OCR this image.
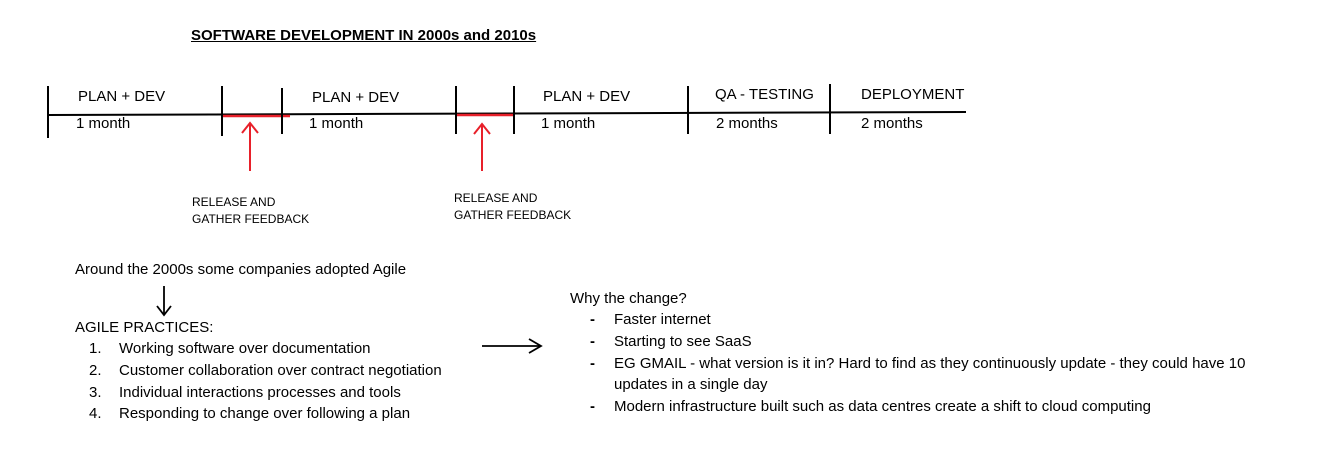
SOFTWARE DEVELOPMENT IN 2000s and 2010s
PLAN + DEV	PLAN + DEV	PLAN + DEV	QA - TESTING	DEPLOYMENT
1 month	1 month	1 month	2 months	2 months
RELEASE AND
GATHER FEEDBACK
RELEASE AND
GATHER FEEDBACK
Around the 2000s some companies adopted Agile
AGILE PRACTICES:
1. Working software over documentation
2. Customer collaboration over contract negotiation
3. Individual interactions processes and tools
4. Responding to change over following a plan
Why the change?
- Faster internet
- Starting to see SaaS
- EG GMAIL - what version is it in? Hard to find as they continuously update - they could have 10
updates in a single day
- Modern infrastructure built such as data centres create a shift to cloud computing
